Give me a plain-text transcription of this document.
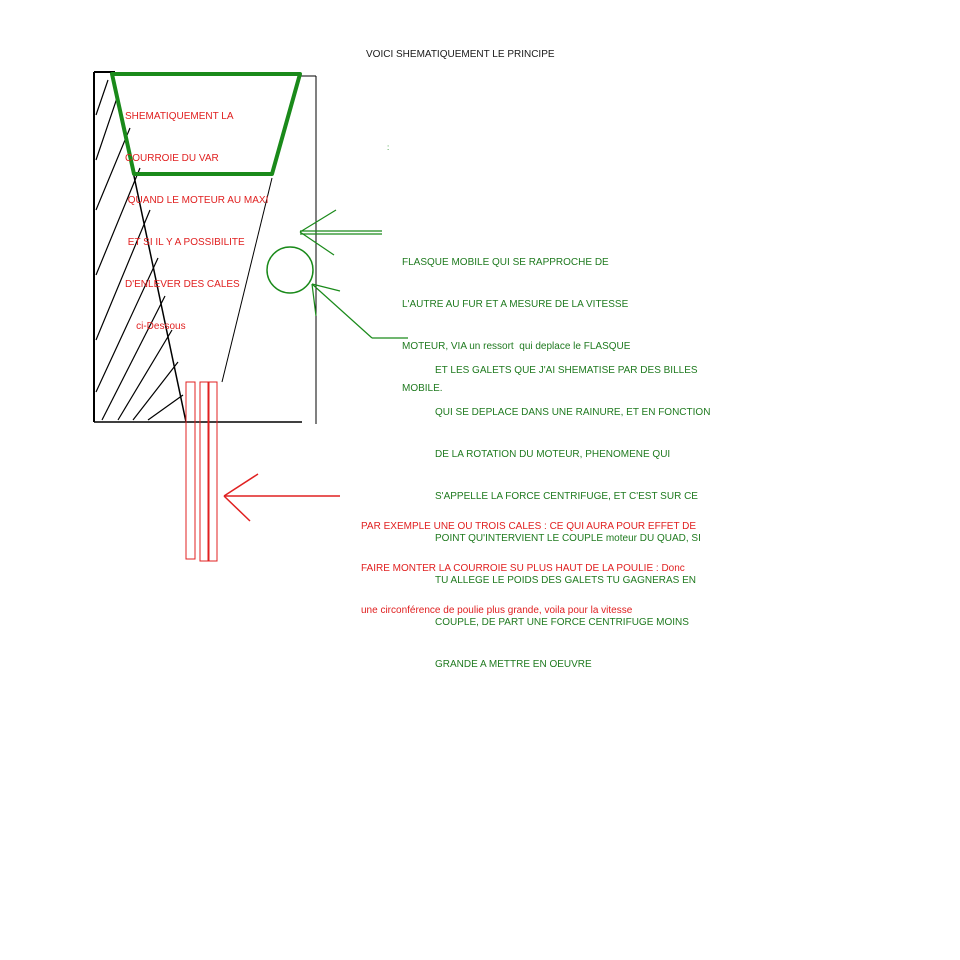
:
VOICI SHEMATIQUEMENT LE PRINCIPE

SHEMATIQUEMENT LA

COURROIE DU VAR

QUAND LE MOTEUR AU MAXI

ET SI IL Y A POSSIBILITE

D'ENLEVER DES CALES

ci-Dessous

FLASQUE MOBILE QUI SE RAPPROCHE DE

L'AUTRE AU FUR ET A MESURE DE LA VITESSE

MOTEUR, VIA un ressort  qui deplace le FLASQUE

MOBILE.

ET LES GALETS QUE J'AI SHEMATISE PAR DES BILLES

QUI SE DEPLACE DANS UNE RAINURE, ET EN FONCTION

DE LA ROTATION DU MOTEUR, PHENOMENE QUI

S'APPELLE LA FORCE CENTRIFUGE, ET C'EST SUR CE

POINT QU'INTERVIENT LE COUPLE moteur DU QUAD, SI

TU ALLEGE LE POIDS DES GALETS TU GAGNERAS EN

COUPLE, DE PART UNE FORCE CENTRIFUGE MOINS

GRANDE A METTRE EN OEUVRE

PAR EXEMPLE UNE OU TROIS CALES : CE QUI AURA POUR EFFET DE

FAIRE MONTER LA COURROIE SU PLUS HAUT DE LA POULIE : Donc

une circonférence de poulie plus grande, voila pour la vitesse
